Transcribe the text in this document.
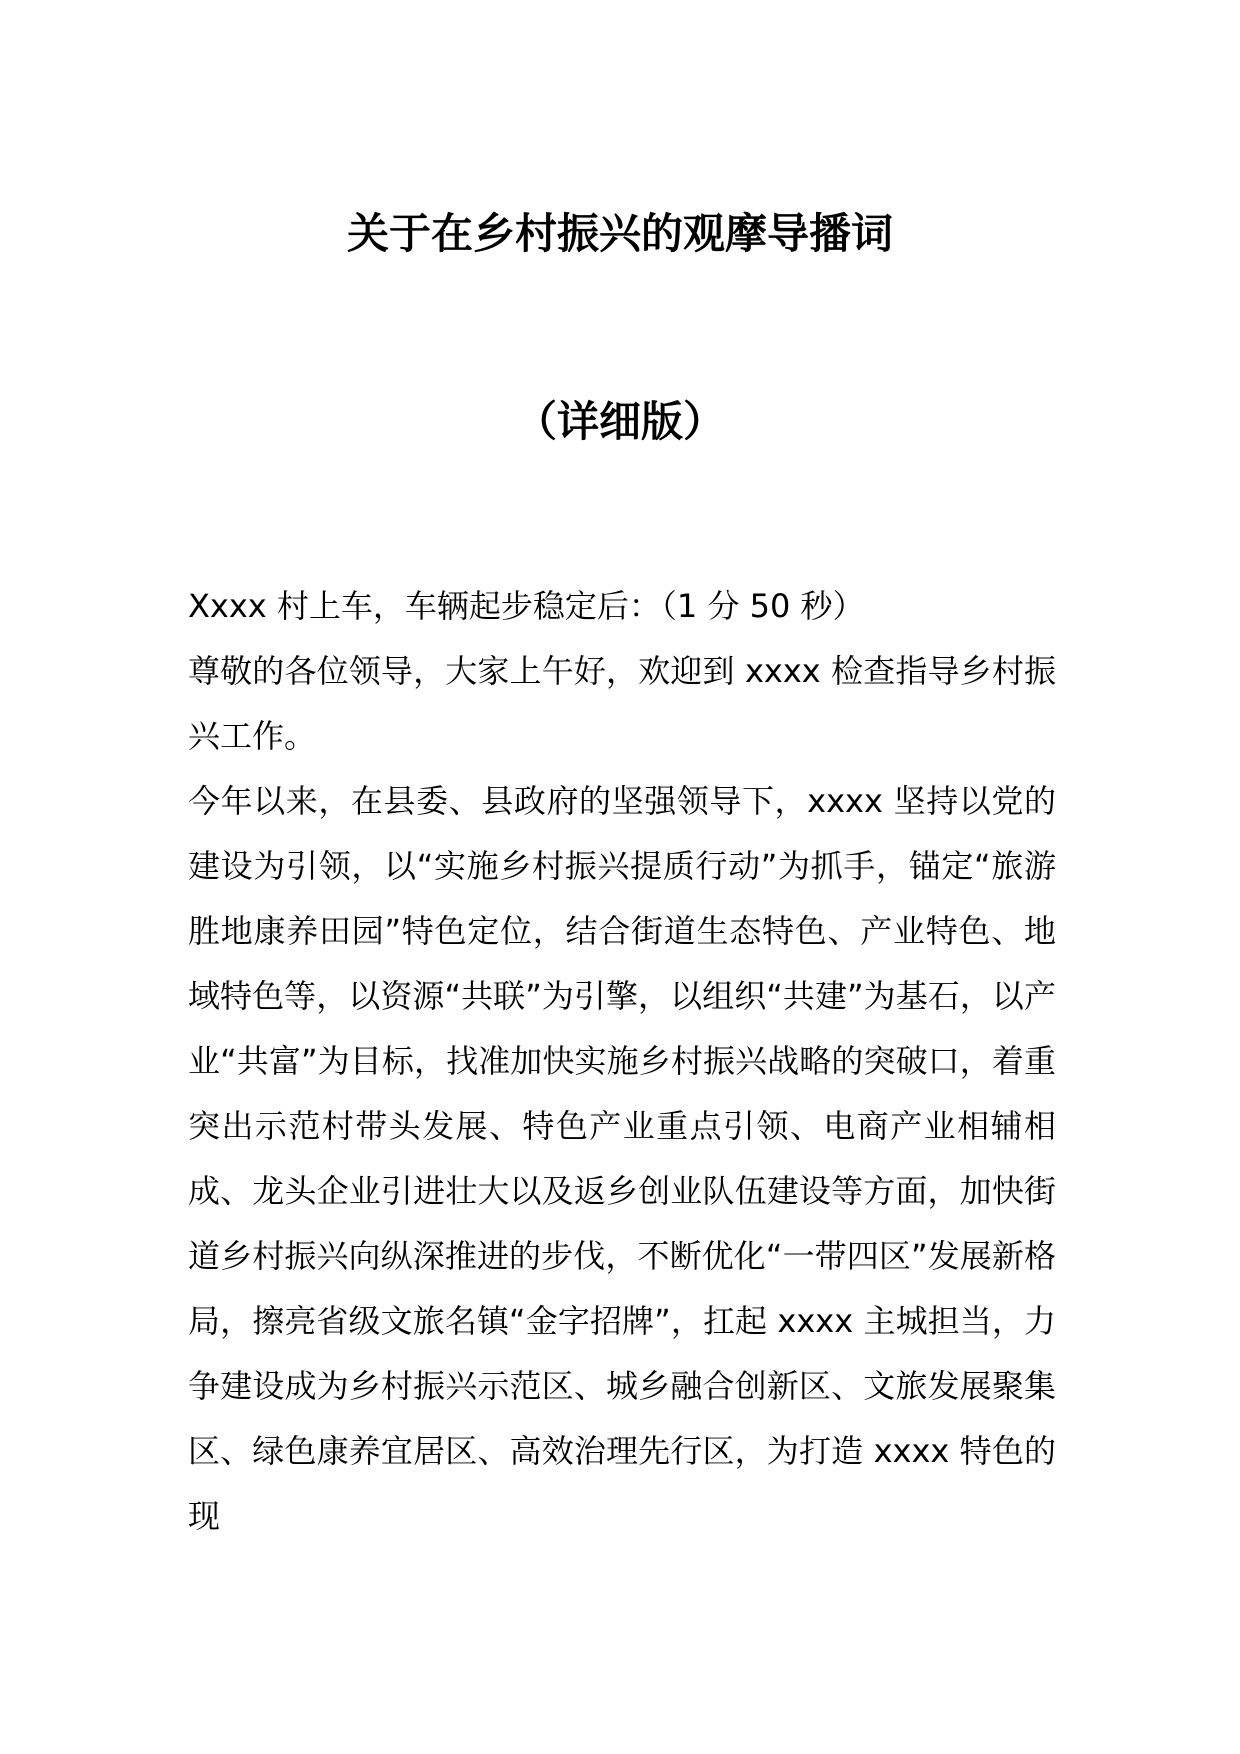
关于在乡村振兴的观摩导播词
（详细版）

Xxxx 村上车，车辆起步稳定后：（1 分 50 秒）

尊敬的各位领导，大家上午好，欢迎到 xxxx 检查指导乡村振兴工作。

今年以来，在县委、县政府的坚强领导下，xxxx 坚持以党的建设为引领，以“实施乡村振兴提质行动”为抓手，锚定“旅游胜地康养田园”特色定位，结合街道生态特色、产业特色、地域特色等，以资源“共联”为引擎，以组织“共建”为基石，以产业“共富”为目标，找准加快实施乡村振兴战略的突破口，着重突出示范村带头发展、特色产业重点引领、电商产业相辅相成、龙头企业引进壮大以及返乡创业队伍建设等方面，加快街道乡村振兴向纵深推进的步伐，不断优化“一带四区”发展新格局，擦亮省级文旅名镇“金字招牌”，扛起 xxxx 主城担当，力争建设成为乡村振兴示范区、城乡融合创新区、文旅发展聚集区、绿色康养宜居区、高效治理先行区，为打造 xxxx 特色的现
